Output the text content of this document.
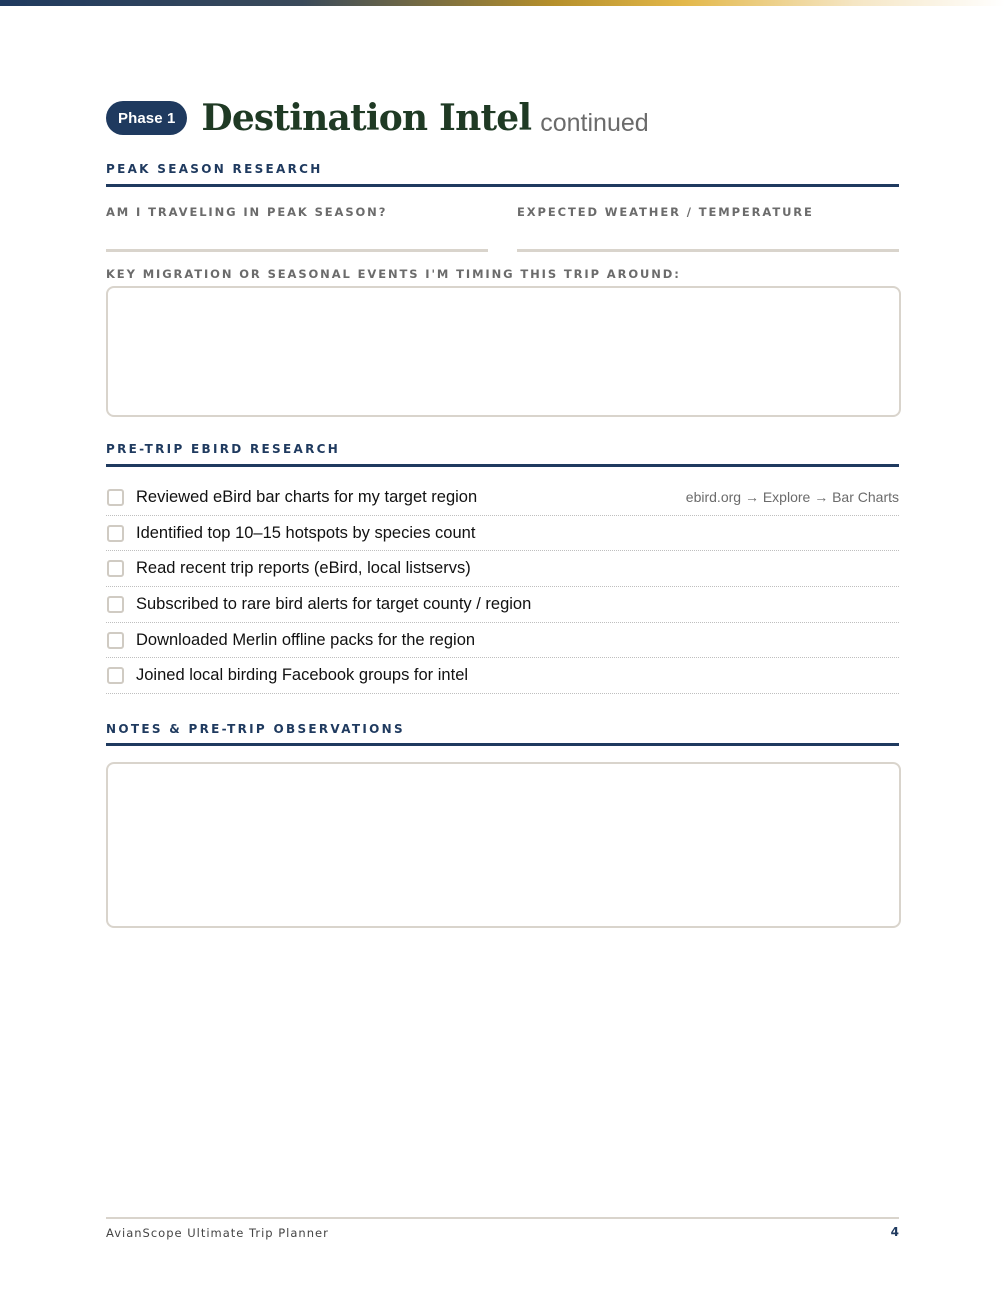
Phase 1 Destination Intel continued
PEAK SEASON RESEARCH
AM I TRAVELING IN PEAK SEASON?	EXPECTED WEATHER / TEMPERATURE
KEY MIGRATION OR SEASONAL EVENTS I'M TIMING THIS TRIP AROUND:
PRE-TRIP EBIRD RESEARCH
Reviewed eBird bar charts for my target region	ebird.org → Explore → Bar Charts
Identified top 10–15 hotspots by species count
Read recent trip reports (eBird, local listservs)
Subscribed to rare bird alerts for target county / region
Downloaded Merlin offline packs for the region
Joined local birding Facebook groups for intel
NOTES & PRE-TRIP OBSERVATIONS
AvianScope Ultimate Trip Planner	4
